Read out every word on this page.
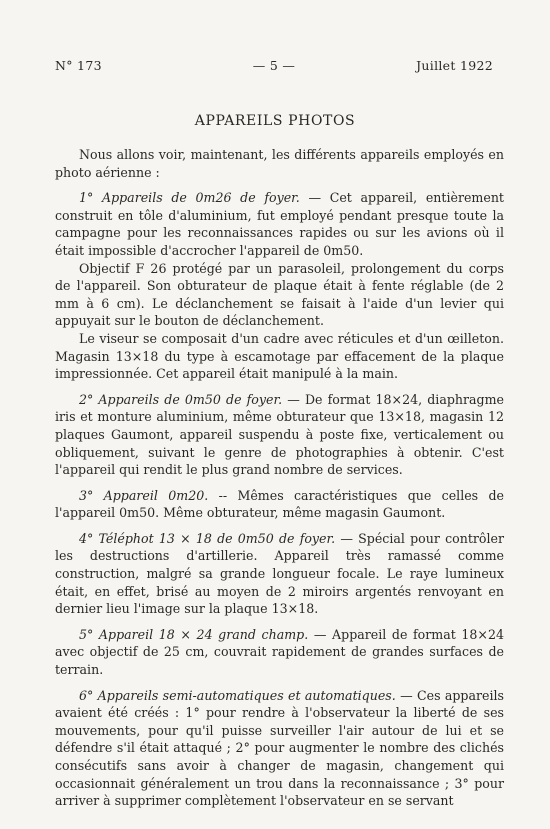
N° 173	— 5 —	Juillet 1922
APPAREILS PHOTOS

Nous allons voir, maintenant, les différents appareils employés en photo aérienne :

1° Appareils de 0m26 de foyer. — Cet appareil, entièrement construit en tôle d'aluminium, fut employé pendant presque toute la campagne pour les reconnaissances rapides ou sur les avions où il était impossible d'accrocher l'appareil de 0m50.

Objectif F 26 protégé par un parasoleil, prolongement du corps de l'appareil. Son obturateur de plaque était à fente réglable (de 2 mm à 6 cm). Le déclanchement se faisait à l'aide d'un levier qui appuyait sur le bouton de déclanchement.

Le viseur se composait d'un cadre avec réticules et d'un œilleton. Magasin 13×18 du type à escamotage par effacement de la plaque impressionnée. Cet appareil était manipulé à la main.

2° Appareils de 0m50 de foyer. — De format 18×24, diaphragme iris et monture aluminium, même obturateur que 13×18, magasin 12 plaques Gaumont, appareil suspendu à poste fixe, verticalement ou obliquement, suivant le genre de photographies à obtenir. C'est l'appareil qui rendit le plus grand nombre de services.

3° Appareil 0m20. -- Mêmes caractéristiques que celles de l'appareil 0m50. Même obturateur, même magasin Gaumont.

4° Téléphot 13 × 18 de 0m50 de foyer. — Spécial pour contrôler les destructions d'artillerie. Appareil très ramassé comme construction, malgré sa grande longueur focale. Le raye lumineux était, en effet, brisé au moyen de 2 miroirs argentés renvoyant en dernier lieu l'image sur la plaque 13×18.

5° Appareil 18 × 24 grand champ. — Appareil de format 18×24 avec objectif de 25 cm, couvrait rapidement de grandes surfaces de terrain.

6° Appareils semi-automatiques et automatiques. — Ces appareils avaient été créés : 1° pour rendre à l'observateur la liberté de ses mouvements, pour qu'il puisse surveiller l'air autour de lui et se défendre s'il était attaqué ; 2° pour augmenter le nombre des clichés consécutifs sans avoir à changer de magasin, changement qui occasionnait généralement un trou dans la reconnaissance ; 3° pour arriver à supprimer complètement l'observateur en se servant
